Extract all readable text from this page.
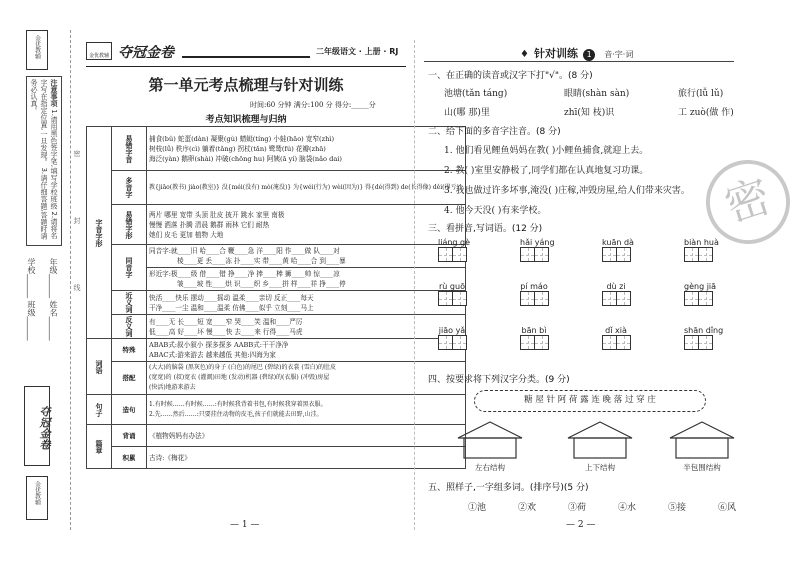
金优教辅
注意事项 1.请用黑色签字笔,填写学校班级 2.请将名字写在指定位置,一旦发现。 3.请仔细答题,答题时请务必认真。
学校______ 班级______
年级______ 姓名______
密封线
夺冠金卷
金优教辅
金优教辅 夺冠金卷	二年级语文 · 上册 · RJ
第一单元考点梳理与针对训练
时间:60 分钟 满分:100 分 得分:_____分
考点知识梳理与归纳
字音字形	易错字音	捕食(bǔ) 蛇蛋(dàn) 凝聚(gù) 蜻蜓(tíng) 小蛙(hāo) 宽窄(zhì)
树枝(lǚ) 秩序(cì) 躺着(tǎng) 拐杖(tǎn) 鹭鸶(fú) 花瓣(zhā)
海泛(yàn) 鹅卵(shài) 冲破(chōng hu) 阿姨(ā yí) 脑袋(nǎo dai)

	多音字	教{jiāo(教书) jiào(教室)} 没{méi(没有) mò(淹没)} 为{wéi(行为) wèi(因为)} 得{dé(得到) de(长得像) děi(得亏)}

	易错字形	两片 哪里 宽带 头顶 肚皮 披开 跳水 家里 南极
慢慢 洒落 扑腾 清晨 鹅群 雨林 它们 耐热
她们 皮毛 更加 植物 大地

	同音字	同音字:就____旧 哈____合 鞭____急 洋____阳 作____做 队____对
棱____更 丢____冻 扑____实 带____黄 哈____合 到____暴

		形近字:极____级 借____错 挣____净 捧____棒 狮____帅 惊____凉
皱____坡 性____烘 识____织 乡____拼 样____祥 挣____停

	近义词	快活____快乐 摆动____摇动 温柔____亲切 反正____每天
干净____一尘 温和____温柔 仿佛____似乎 立刻____马上

	反义词	有____无 长____短 宽____窄 哭____笑 温和____严厉
低____高 好____坏 慢____快 去____来 行得____马虎

词语	特殊	ABAB式:叙小叙小 探多探多 AABB式:干干净净
ABAC式:游来游去 越来越低 其他:四海为家

	搭配	(大大)的脑袋 (黑灰色)的身子 (白色)的尾巴 (碧绿)的衣裳 (雪白)的肚皮
(宽宽)的 (叔)宽衣 (灌溉)田地 (发动)机器 (碧绿)的(衣服) (冲毁)房屋
(快活)地游来游去

句子	造句	1.有时候……有时候……:有时候我背着书包,有时候我穿着黑衣服。
2.先……然后……:只要挂住动物的皮毛,孩子们就能去田野,山洼。

篇章	背诵	《植物妈妈有办法》

	积累	古诗:《梅花》
— 1 —
♦ 针对训练 1 音·字·词
密
一、在正确的读音或汉字下打"√"。(8 分)
池塘(tǎn táng)	眼睛(shàn sàn)	旅行(lǚ lǔ)
山(哪 那)里	zhī(知 枝)识	工 zuò(做 作)
二、给下面的多音字注音。(8 分)
1. 他们看见鲤鱼妈妈在教( )小鲤鱼捕食,就迎上去。
2. 教( )室里安静极了,同学们都在认真地复习功课。
3. 我也做过许多坏事,淹没( )庄稼,冲毁房屋,给人们带来灾害。
4. 他今天没( )有来学校。
三、看拼音,写词语。(12 分)
liáng gè	hǎi yáng	kuān dà	biàn huà
rù guō	pí máo	dù zi	gèng jiā
jiāo yǎ	bān bì	dǐ xià	shān dǐng
四、按要求将下列汉字分类。(9 分)
糖 屋 针 阿 荷 露 连 晚 落 过 穿 庄
左右结构	上下结构	半包围结构
五、照样子,一字组多词。(排序号)(5 分)
①池	②欢	③荷	④水	⑤接	⑥风
— 2 —
